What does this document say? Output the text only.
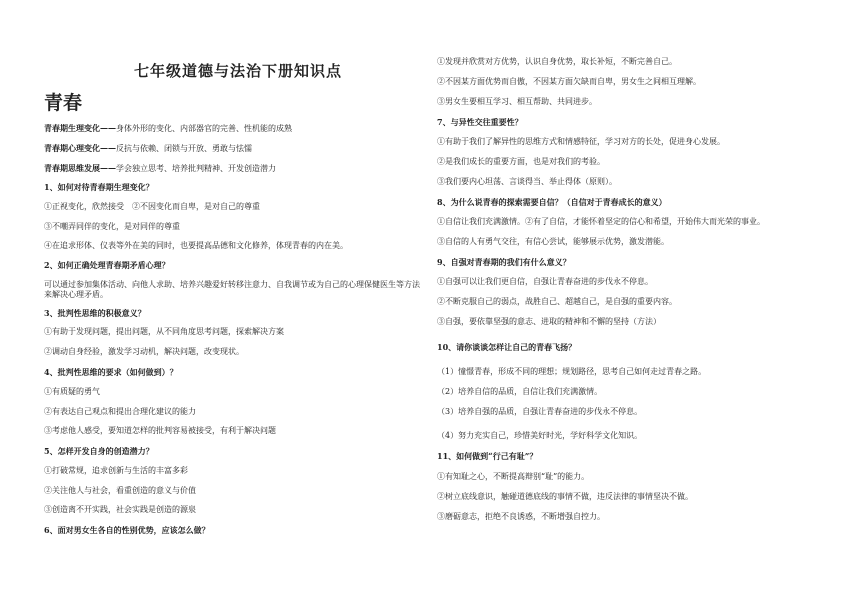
七年级道德与法治下册知识点
青春
青春期生理变化——身体外形的变化、内部器官的完善、性机能的成熟
青春期心理变化——反抗与依赖、闭锁与开放、勇敢与怯懦
青春期思维发展——学会独立思考、培养批判精神、开发创造潜力
1、如何对待青春期生理变化？
①正视变化，欣然接受　②不因变化而自卑，是对自己的尊重
③不嘲弄同伴的变化，是对同伴的尊重
④在追求形体、仪表等外在美的同时，也要提高品德和文化修养，体现青春的内在美。
2、如何正确处理青春期矛盾心理？
可以通过参加集体活动、向他人求助、培养兴趣爱好转移注意力、自我调节或为自己的心理保健医生等方法来解决心理矛盾。
3、批判性思维的积极意义？
①有助于发现问题，提出问题，从不同角度思考问题，探索解决方案
②调动自身经验，激发学习动机，解决问题，改变现状。
4、批判性思维的要求（如何做到）？
①有质疑的勇气
②有表达自己观点和提出合理化建议的能力
③考虑他人感受，要知道怎样的批判容易被接受，有利于解决问题
5、怎样开发自身的创造潜力？
①打破常规，追求创新与生活的丰富多彩
②关注他人与社会，看重创造的意义与价值
③创造离不开实践，社会实践是创造的源泉
6、面对男女生各自的性别优势，应该怎么做？
①发现并欣赏对方优势，认识自身优势，取长补短，不断完善自己。
②不因某方面优势而自傲，不因某方面欠缺而自卑，男女生之间相互理解。
③男女生要相互学习、相互帮助、共同进步。
7、与异性交往重要性？
①有助于我们了解异性的思维方式和情感特征，学习对方的长处，促进身心发展。
②是我们成长的重要方面，也是对我们的考验。
③我们要内心坦荡、言谈得当、举止得体（原则）。
8、为什么说青春的探索需要自信？（自信对于青春成长的意义）
①自信让我们充满激情。②有了自信，才能怀着坚定的信心和希望，开始伟大而光荣的事业。
③自信的人有勇气交往，有信心尝试，能够展示优势，激发潜能。
9、自强对青春期的我们有什么意义？
①自强可以让我们更自信，自强让青春奋进的步伐永不停息。
②不断克服自己的弱点，战胜自己、超越自己，是自强的重要内容。
③自强，要依靠坚强的意志、进取的精神和不懈的坚持（方法）
10、请你谈谈怎样让自己的青春飞扬？
（1）憧憬青春，形成不同的理想；规划路径，思考自己如何走过青春之路。
（2）培养自信的品质，自信让我们充满激情。
（3）培养自强的品质，自强让青春奋进的步伐永不停息。
（4）努力充实自己，珍惜美好时光，学好科学文化知识。
11、如何做到“行己有耻”？
①有知耻之心，不断提高辩别“耻”的能力。
②树立底线意识，触碰道德底线的事情不做，违反法律的事情坚决不做。
③磨砺意志，拒绝不良诱惑，不断增强自控力。
